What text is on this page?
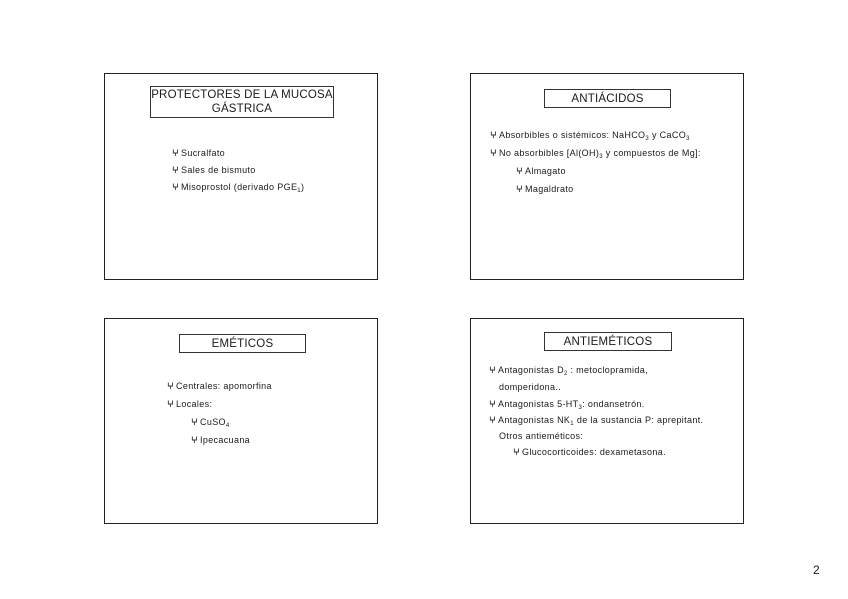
PROTECTORES DE LA MUCOSA
GÁSTRICA
ⵖ Sucralfato
ⵖ Sales de bismuto
ⵖ Misoprostol (derivado $PGE_1$)
ANTIÁCIDOS
ⵖ Absorbibles o sistémicos: NaHCO$_3$ y CaCO$_3$
ⵖ No absorbibles [$Al(OH)_3$ y compuestos de Mg]:
ⵖ Almagato
ⵖ Magaldrato
EMÉTICOS
ⵖ Centrales: apomorfina
ⵖ Locales:
ⵖ CuSO$_4$
ⵖ Ipecacuana
ANTIEMÉTICOS
ⵖ Antagonistas $D_2$ : metoclopramida,
domperidona..
ⵖ Antagonistas $5-HT_3$: ondansetrón.
ⵖ Antagonistas $NK_1$ de la sustancia P: aprepitant.
Otros antieméticos:
ⵖ Glucocorticoides: dexametasona.
2
